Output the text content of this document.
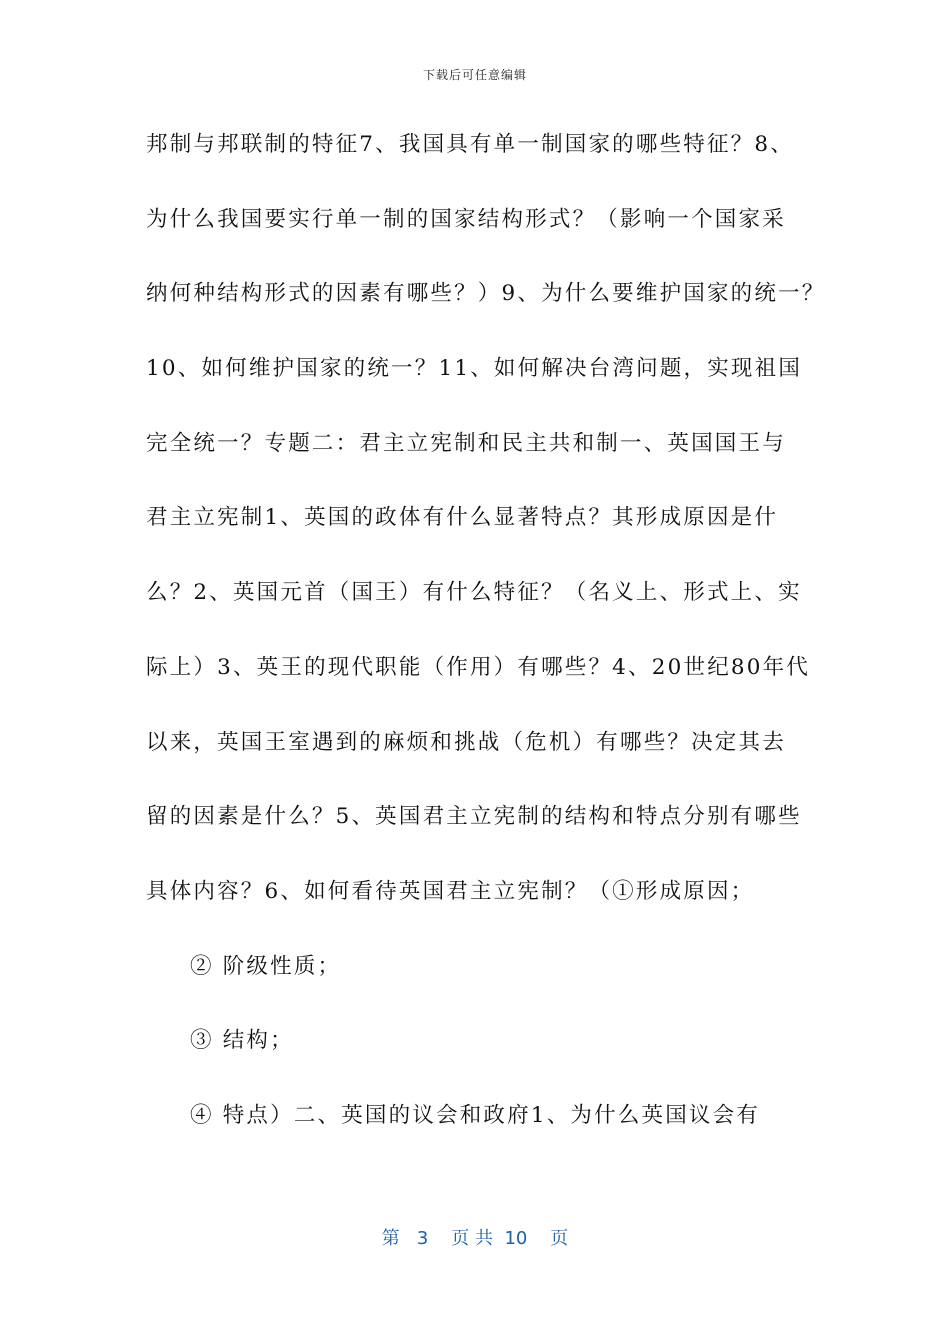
下载后可任意编辑
邦制与邦联制的特征7、我国具有单一制国家的哪些特征？8、
为什么我国要实行单一制的国家结构形式？（影响一个国家采
纳何种结构形式的因素有哪些？）9、为什么要维护国家的统一？
10、如何维护国家的统一？11、如何解决台湾问题，实现祖国
完全统一？专题二：君主立宪制和民主共和制一、英国国王与
君主立宪制1、英国的政体有什么显著特点？其形成原因是什
么？2、英国元首（国王）有什么特征？（名义上、形式上、实
际上）3、英王的现代职能（作用）有哪些？4、20世纪80年代
以来，英国王室遇到的麻烦和挑战（危机）有哪些？决定其去
留的因素是什么？5、英国君主立宪制的结构和特点分别有哪些
具体内容？6、如何看待英国君主立宪制？（①形成原因；
② 阶级性质；
③ 结构；
④ 特点）二、英国的议会和政府1、为什么英国议会有
第 3 页 共 10 页
